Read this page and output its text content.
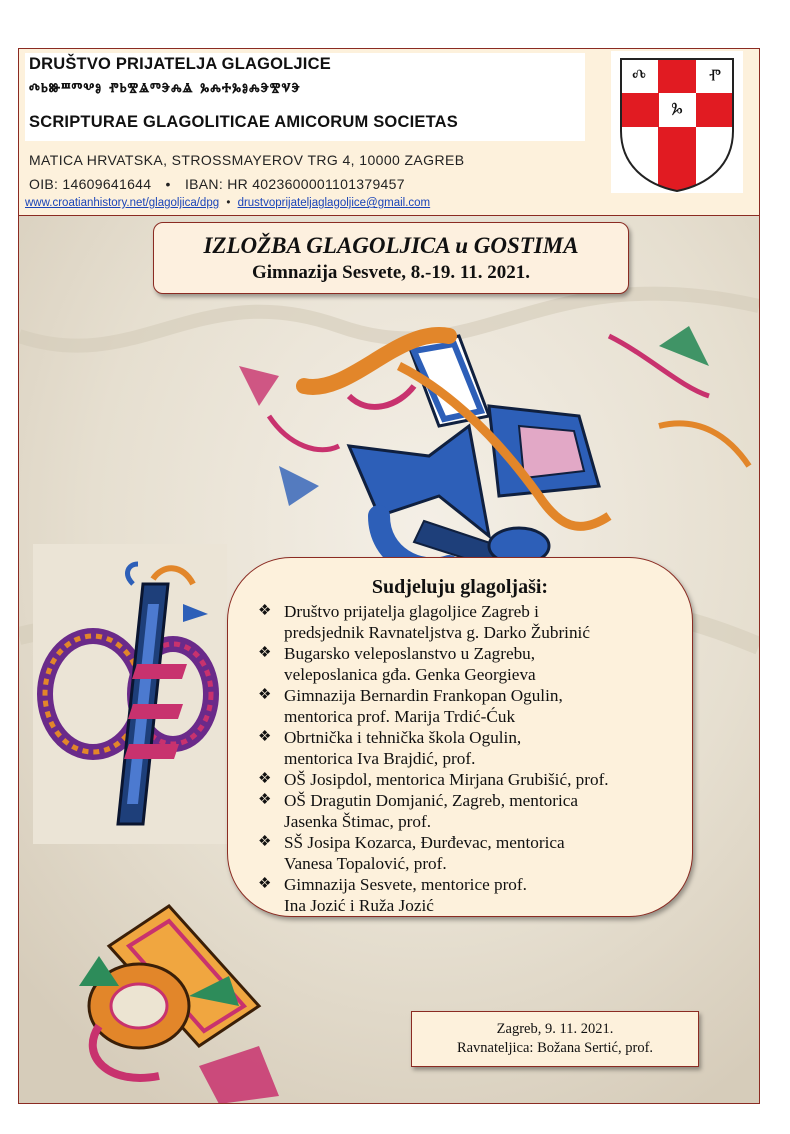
DRUŠTVO PRIJATELJA GLAGOLJICE
ⰴⱃⱆⱎⱅⰲⱁ ⱂⱃⰺⱑⱅⰵⰾⱑ ⰳⰾⰰⰳⱁⰾⰵⰺⱌⰵ
SCRIPTURAE GLAGOLITICAE AMICORUM SOCIETAS
MATICA HRVATSKA, STROSSMAYEROV TRG 4, 10000 ZAGREB
OIB: 14609641644 • IBAN: HR 4023600001101379457
www.croatianhistory.net/glagoljica/dpg • drustvoprijateljaglagoljice@gmail.com
ⰴ	ⱂ
ⰳ
IZLOŽBA GLAGOLJICA u GOSTIMA
Gimnazija Sesvete, 8.-19. 11. 2021.
Sudjeluju glagoljaši:
❖ Društvo prijatelja glagoljice Zagreb i
predsjednik Ravnateljstva g. Darko Žubrinić
❖ Bugarsko veleposlanstvo u Zagrebu,
veleposlanica gđa. Genka Georgieva
❖ Gimnazija Bernardin Frankopan Ogulin,
mentorica prof. Marija Trdić-Ćuk
❖ Obrtnička i tehnička škola Ogulin,
mentorica Iva Brajdić, prof.
❖ OŠ Josipdol, mentorica Mirjana Grubišić, prof.
❖ OŠ Dragutin Domjanić, Zagreb, mentorica
Jasenka Štimac, prof.
❖ SŠ Josipa Kozarca, Đurđevac, mentorica
Vanesa Topalović, prof.
❖ Gimnazija Sesvete, mentorice prof.
Ina Jozić i Ruža Jozić
Zagreb, 9. 11. 2021.
Ravnateljica: Božana Sertić, prof.
